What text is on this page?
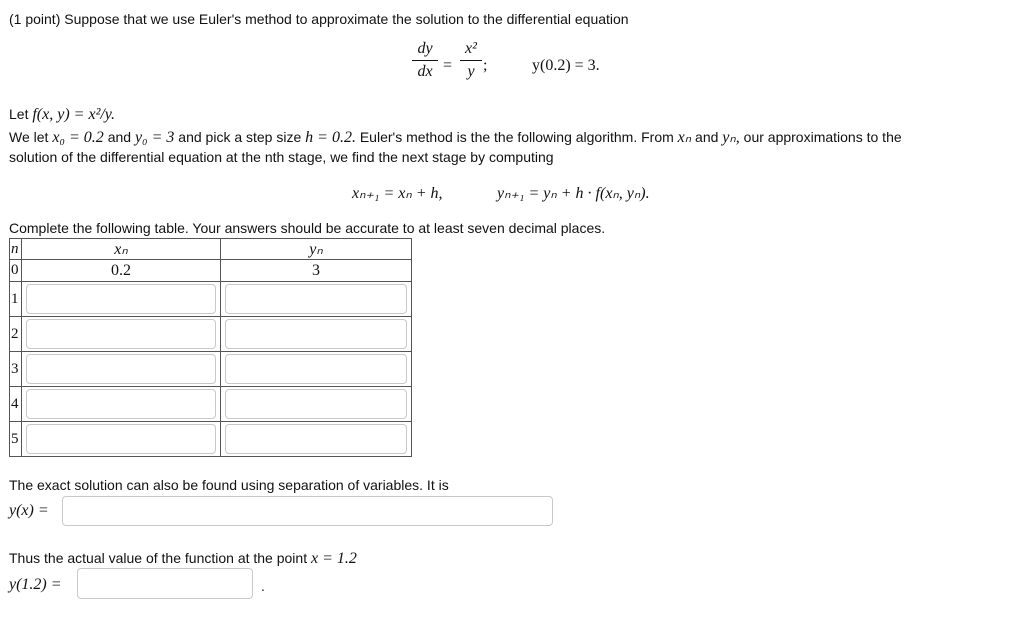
(1 point) Suppose that we use Euler's method to approximate the solution to the differential equation
dy
dx =
x²
y ;	y(0.2) = 3.
Let f(x, y) = x²/y.
We let x₀ = 0.2 and y₀ = 3 and pick a step size h = 0.2. Euler's method is the the following algorithm. From xₙ and yₙ, our approximations to the
solution of the differential equation at the nth stage, we find the next stage by computing
xₙ₊₁ = xₙ + h,	yₙ₊₁ = yₙ + h · f(xₙ, yₙ).
Complete the following table. Your answers should be accurate to at least seven decimal places.
n	xₙ	yₙ
0	0.2	3
1	

2	

3	

4	

5	

The exact solution can also be found using separation of variables. It is
y(x) =
Thus the actual value of the function at the point x = 1.2
y(1.2) =	.
